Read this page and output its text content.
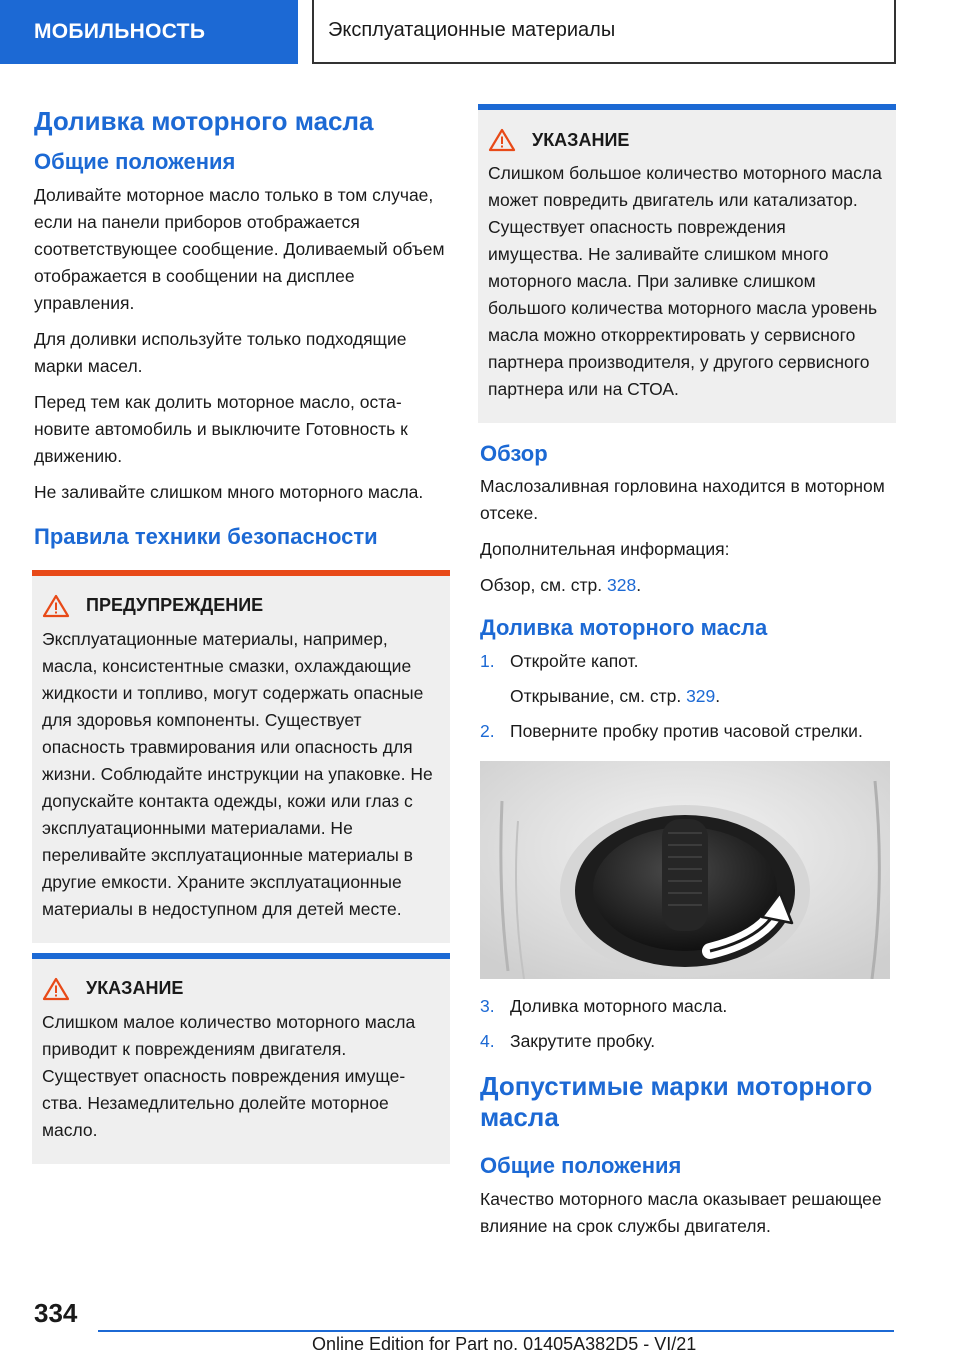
МОБИЛЬНОСТЬ	Эксплуатационные материалы
Доливка моторного масла
Общие положения

Доливайте моторное масло только в том случае, если на панели приборов отображается соответствующее сообщение. Доливаемый объем отображается в сообщении на дисплее управления.

Для доливки используйте только подходящие марки масел.

Перед тем как долить моторное масло, остановите автомобиль и выключите Готовность к движению.

Не заливайте слишком много моторного масла.

Правила техники безопасности
ПРЕДУПРЕЖДЕНИЕ

Эксплуатационные материалы, например, масла, консистентные смазки, охлаждающие жидкости и топливо, могут содержать опасные для здоровья компоненты. Существует опасность травмирования или опасность для жизни. Соблюдайте инструкции на упаковке. Не допускайте контакта одежды, кожи или глаз с эксплуатационными материалами. Не переливайте эксплуатационные материалы в другие емкости. Храните эксплуатационные материалы в недоступном для детей месте.

УКАЗАНИЕ

Слишком малое количество моторного масла приводит к повреждениям двигателя. Существует опасность повреждения имущества. Незамедлительно долейте моторное масло.

УКАЗАНИЕ

Слишком большое количество моторного масла может повредить двигатель или катализатор. Существует опасность повреждения имущества. Не заливайте слишком много моторного масла. При заливке слишком большого количества моторного масла уровень масла можно откорректировать у сервисного партнера производителя, у другого сервисного партнера или на СТОА.

Обзор

Маслозаливная горловина находится в моторном отсеке.

Дополнительная информация:

Обзор, см. стр. 328.

Доливка моторного масла
1. Откройте капот.
Открывание, см. стр. 329.
2. Поверните пробку против часовой стрелки.
3. Доливка моторного масла.
4. Закрутите пробку.
Допустимые марки моторного масла
Общие положения

Качество моторного масла оказывает решающее влияние на срок службы двигателя.

334
Online Edition for Part no. 01405A382D5 - VI/21
